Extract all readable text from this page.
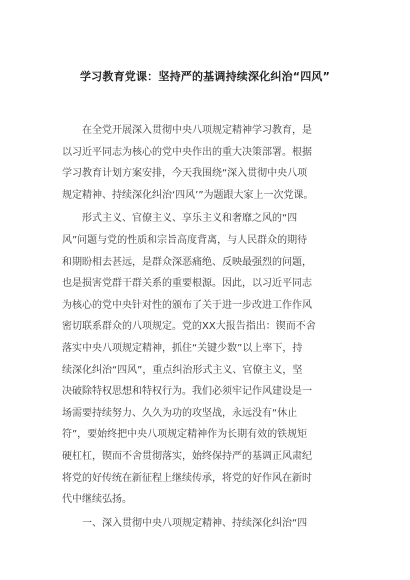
学习教育党课：坚持严的基调持续深化纠治“四风”
在全党开展深入贯彻中央八项规定精神学习教育，是
以习近平同志为核心的党中央作出的重大决策部署。根据
学习教育计划方案安排，今天我围绕“深入贯彻中央八项
规定精神、持续深化纠治‘四风’”为题跟大家上一次党课。
形式主义、官僚主义、享乐主义和奢靡之风的“四
风”问题与党的性质和宗旨高度背离，与人民群众的期待
和期盼相去甚远，是群众深恶痛绝、反映最强烈的问题，
也是损害党群干群关系的重要根源。因此，以习近平同志
为核心的党中央针对性的颁布了关于进一步改进工作作风
密切联系群众的八项规定。党的XX大报告指出：锲而不舍
落实中央八项规定精神，抓住“关键少数”以上率下，持
续深化纠治“四风”，重点纠治形式主义、官僚主义，坚
决破除特权思想和特权行为。我们必须牢记作风建设是一
场需要持续努力、久久为功的攻坚战，永远没有“休止
符”，要始终把中央八项规定精神作为长期有效的铁规矩
硬杠杠，锲而不舍贯彻落实，始终保持严的基调正风肃纪
将党的好传统在新征程上继续传承，将党的好作风在新时
代中继续弘扬。
一、深入贯彻中央八项规定精神、持续深化纠治“四
